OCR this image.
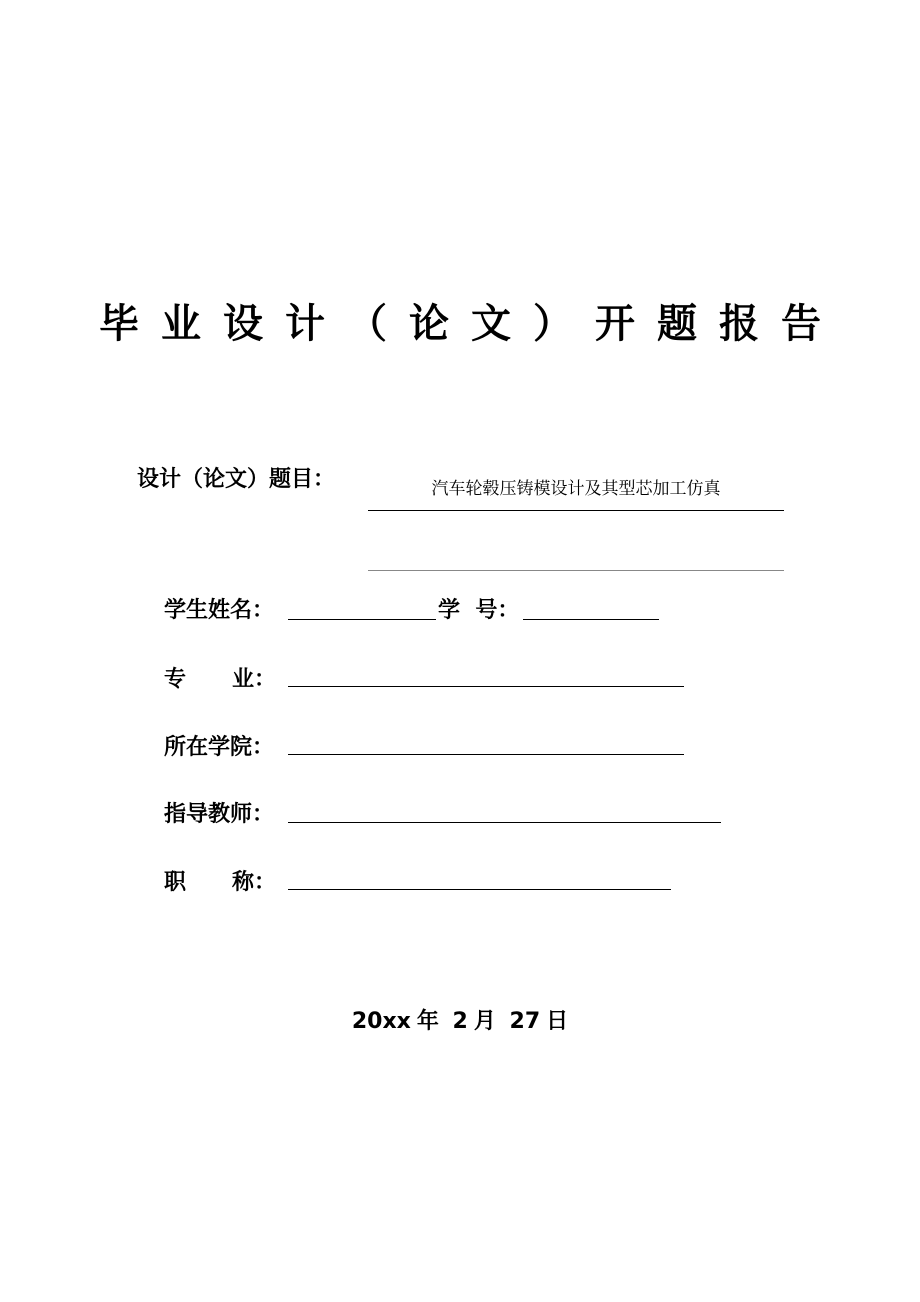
毕业设计（论文）开题报告
设计（论文）题目：	汽车轮毂压铸模设计及其型芯加工仿真
学生姓名：	学  号：
专      业：
所在学院：
指导教师：
职      称：
20xx 年 2 月 27 日
